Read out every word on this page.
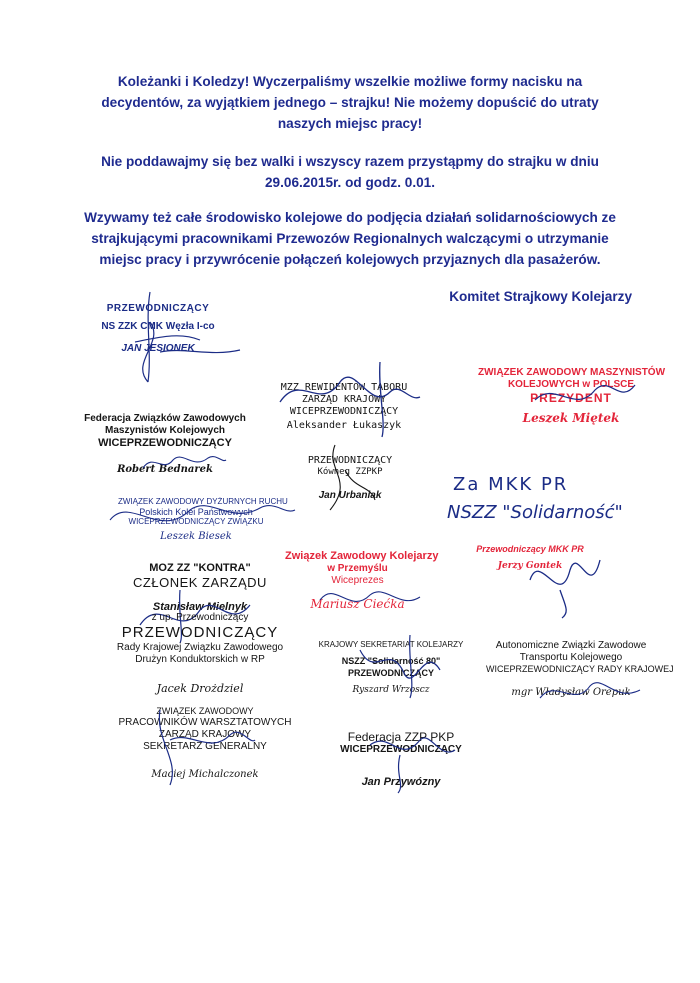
Koleżanki i Koledzy! Wyczerpaliśmy wszelkie możliwe formy nacisku na
decydentów, za wyjątkiem jednego – strajku! Nie możemy dopuścić do utraty
naszych miejsc pracy!
Nie poddawajmy się bez walki i wszyscy razem przystąpmy do strajku w dniu
29.06.2015r. od godz. 0.01.
Wzywamy też całe środowisko kolejowe do podjęcia działań solidarnościowych ze
strajkującymi pracownikami Przewozów Regionalnych walczącymi o utrzymanie
miejsc pracy i przywrócenie połączeń kolejowych przyjaznych dla pasażerów.
Komitet Strajkowy Kolejarzy
PRZEWODNICZĄCY
NS ZZK CMK Węzła I-co
JAN JESIONEK
MZZ REWIDENTÓW TABORU
ZARZĄD KRAJOWY
WICEPRZEWODNICZĄCY
Aleksander Łukaszyk
ZWIĄZEK ZAWODOWY MASZYNISTÓW
KOLEJOWYCH w POLSCE
PREZYDENT
Leszek Miętek
Federacja Związków Zawodowych
Maszynistów Kolejowych
WICEPRZEWODNICZĄCY
Robert Bednarek
PRZEWODNICZĄCY
Kówneg ZZPKP
Jan Urbaniak
Za MKK PR
NSZZ "Solidarność"
ZWIĄZEK ZAWODOWY DYŻURNYCH RUCHU
Polskich Kolei Państwowych
WICEPRZEWODNICZĄCY ZWIĄZKU
Leszek Biesek
Związek Zawodowy Kolejarzy
w Przemyślu
Wiceprezes
Mariusz Ciećka
Przewodniczący MKK PR
Jerzy Gontek
MOZ ZZ "KONTRA"
CZŁONEK ZARZĄDU
Stanisław Mielnyk
z up. Przewodniczący
PRZEWODNICZĄCY
Rady Krajowej Związku Zawodowego
Drużyn Konduktorskich w RP
Jacek Drożdziel
KRAJOWY SEKRETARIAT KOLEJARZY
NSZZ "Solidarność 80"
PRZEWODNICZĄCY
Ryszard Wrzoscz
Autonomiczne Związki Zawodowe
Transportu Kolejowego
WICEPRZEWODNICZĄCY RADY KRAJOWEJ
mgr Władysław Orepuk
ZWIĄZEK ZAWODOWY
PRACOWNIKÓW WARSZTATOWYCH
ZARZĄD KRAJOWY
SEKRETARZ GENERALNY
Maciej Michalczonek
Federacja ZZP PKP
WICEPRZEWODNICZĄCY
Jan Przywózny
